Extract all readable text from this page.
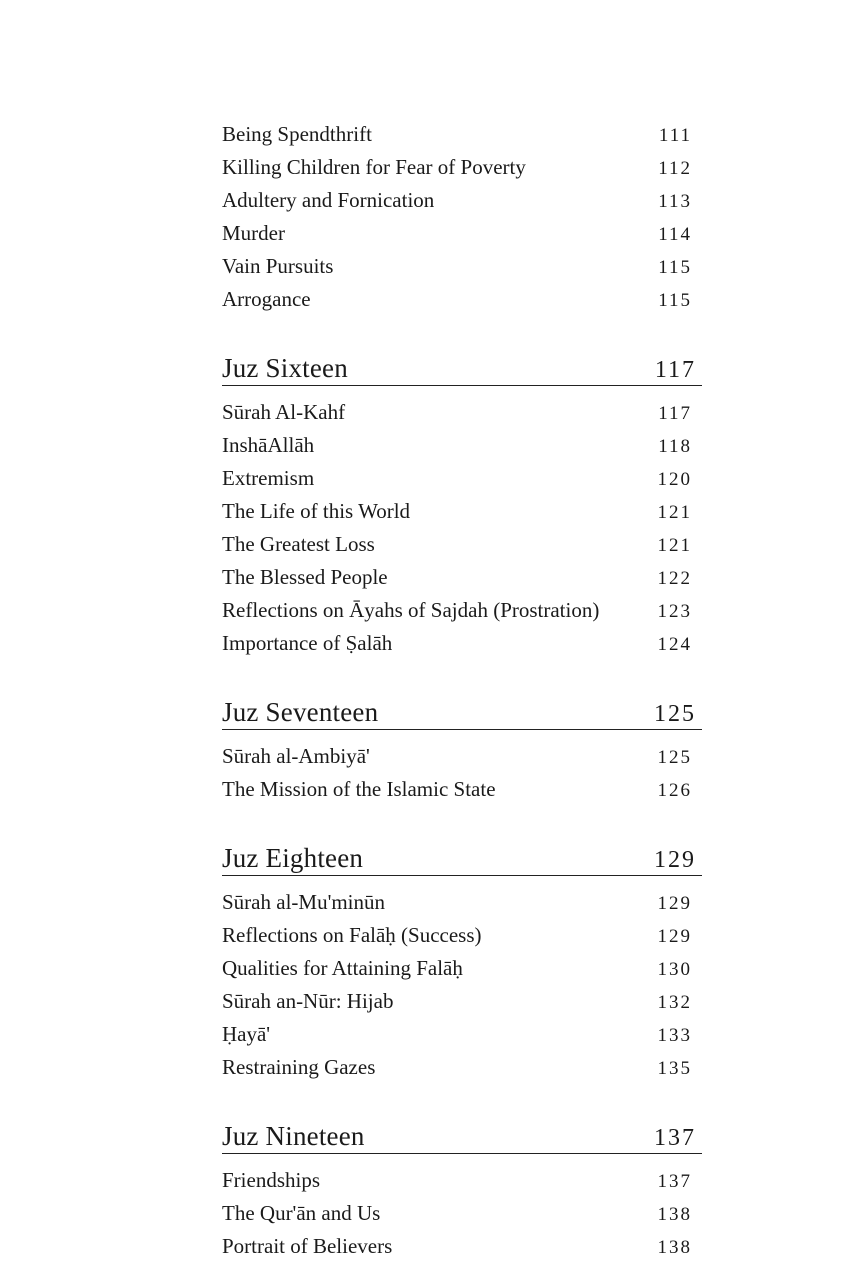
Being Spendthrift	111
Killing Children for Fear of Poverty	112
Adultery and Fornication	113
Murder	114
Vain Pursuits	115
Arrogance	115
Juz Sixteen	117
Sūrah Al-Kahf	117
InshāAllāh	118
Extremism	120
The Life of this World	121
The Greatest Loss	121
The Blessed People	122
Reflections on Āyahs of Sajdah (Prostration)	123
Importance of Ṣalāh	124
Juz Seventeen	125
Sūrah al-Ambiyā'	125
The Mission of the Islamic State	126
Juz Eighteen	129
Sūrah al-Mu'minūn	129
Reflections on Falāḥ (Success)	129
Qualities for Attaining Falāḥ	130
Sūrah an-Nūr: Hijab	132
Ḥayā'	133
Restraining Gazes	135
Juz Nineteen	137
Friendships	137
The Qur'ān and Us	138
Portrait of Believers	138
